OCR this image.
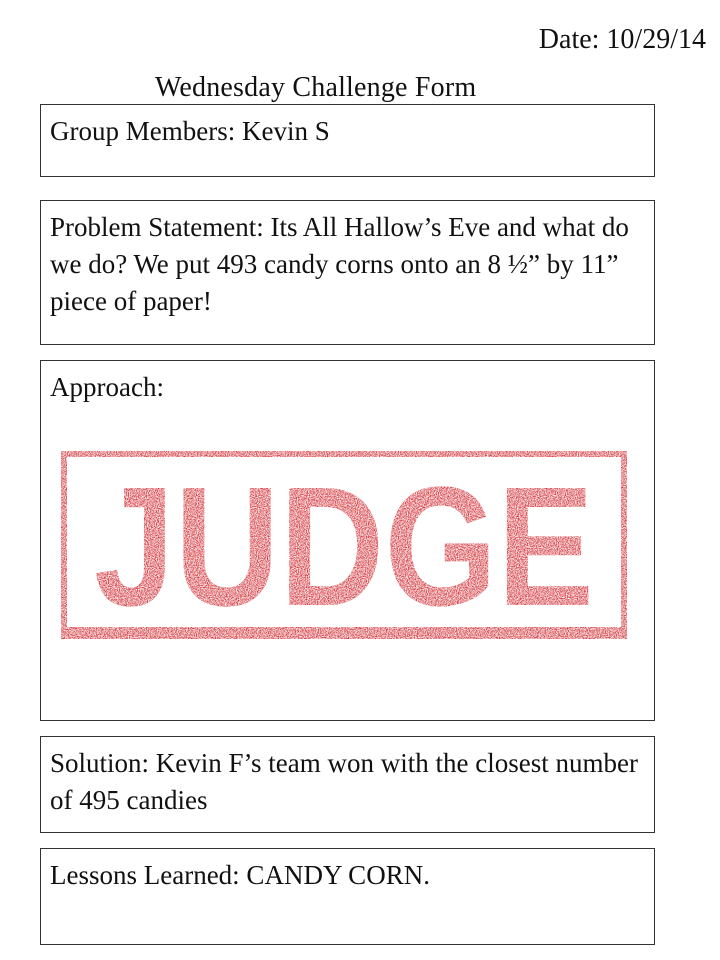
Date: 10/29/14
Wednesday Challenge Form
Group Members: Kevin S
Problem Statement: Its All Hallow’s Eve and what do we do? We put 493 candy corns onto an 8 ½” by 11” piece of paper!
Approach:
JUDGE
Solution: Kevin F’s team won with the closest number of 495 candies
Lessons Learned: CANDY CORN.
